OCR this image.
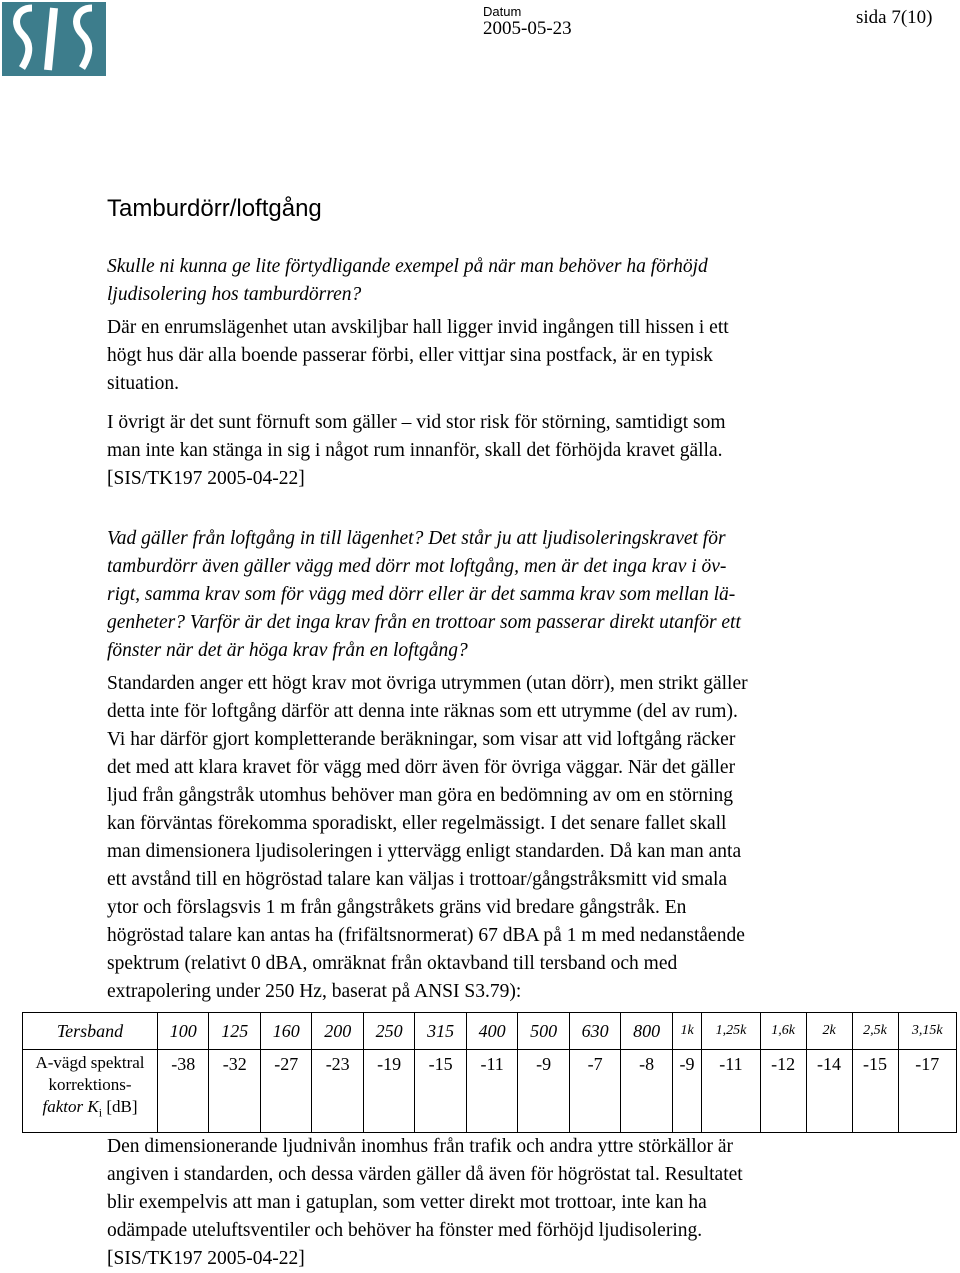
Datum
2005-05-23
sida 7(10)
Tamburdörr/loftgång
Skulle ni kunna ge lite förtydligande exempel på när man behöver ha förhöjd
ljudisolering hos tamburdörren?
Där en enrumslägenhet utan avskiljbar hall ligger invid ingången till hissen i ett
högt hus där alla boende passerar förbi, eller vittjar sina postfack, är en typisk
situation.
I övrigt är det sunt förnuft som gäller – vid stor risk för störning, samtidigt som
man inte kan stänga in sig i något rum innanför, skall det förhöjda kravet gälla.
[SIS/TK197 2005-04-22]
Vad gäller från loftgång in till lägenhet? Det står ju att ljudisoleringskravet för
tamburdörr även gäller vägg med dörr mot loftgång, men är det inga krav i öv-
rigt, samma krav som för vägg med dörr eller är det samma krav som mellan lä-
genheter? Varför är det inga krav från en trottoar som passerar direkt utanför ett
fönster när det är höga krav från en loftgång?
Standarden anger ett högt krav mot övriga utrymmen (utan dörr), men strikt gäller
detta inte för loftgång därför att denna inte räknas som ett utrymme (del av rum).
Vi har därför gjort kompletterande beräkningar, som visar att vid loftgång räcker
det med att klara kravet för vägg med dörr även för övriga väggar. När det gäller
ljud från gångstråk utomhus behöver man göra en bedömning av om en störning
kan förväntas förekomma sporadiskt, eller regelmässigt. I det senare fallet skall
man dimensionera ljudisoleringen i yttervägg enligt standarden. Då kan man anta
ett avstånd till en högröstad talare kan väljas i trottoar/gångstråksmitt vid smala
ytor och förslagsvis 1 m från gångstråkets gräns vid bredare gångstråk. En
högröstad talare kan antas ha (frifältsnormerat) 67 dBA på 1 m med nedanstående
spektrum (relativt 0 dBA, omräknat från oktavband till tersband och med
extrapolering under 250 Hz, baserat på ANSI S3.79):
Tersband	100	125	160	200	250	315	400	500	630	800	1k	1,25k	1,6k	2k	2,5k	3,15k
A-vägd spektral
korrektions-
faktor $K_i$ [dB]	-38	-32	-27	-23	-19	-15	-11	-9	-7	-8	-9	-11	-12	-14	-15	-17
Den dimensionerande ljudnivån inomhus från trafik och andra yttre störkällor är
angiven i standarden, och dessa värden gäller då även för högröstat tal. Resultatet
blir exempelvis att man i gatuplan, som vetter direkt mot trottoar, inte kan ha
odämpade uteluftsventiler och behöver ha fönster med förhöjd ljudisolering.
[SIS/TK197 2005-04-22]
